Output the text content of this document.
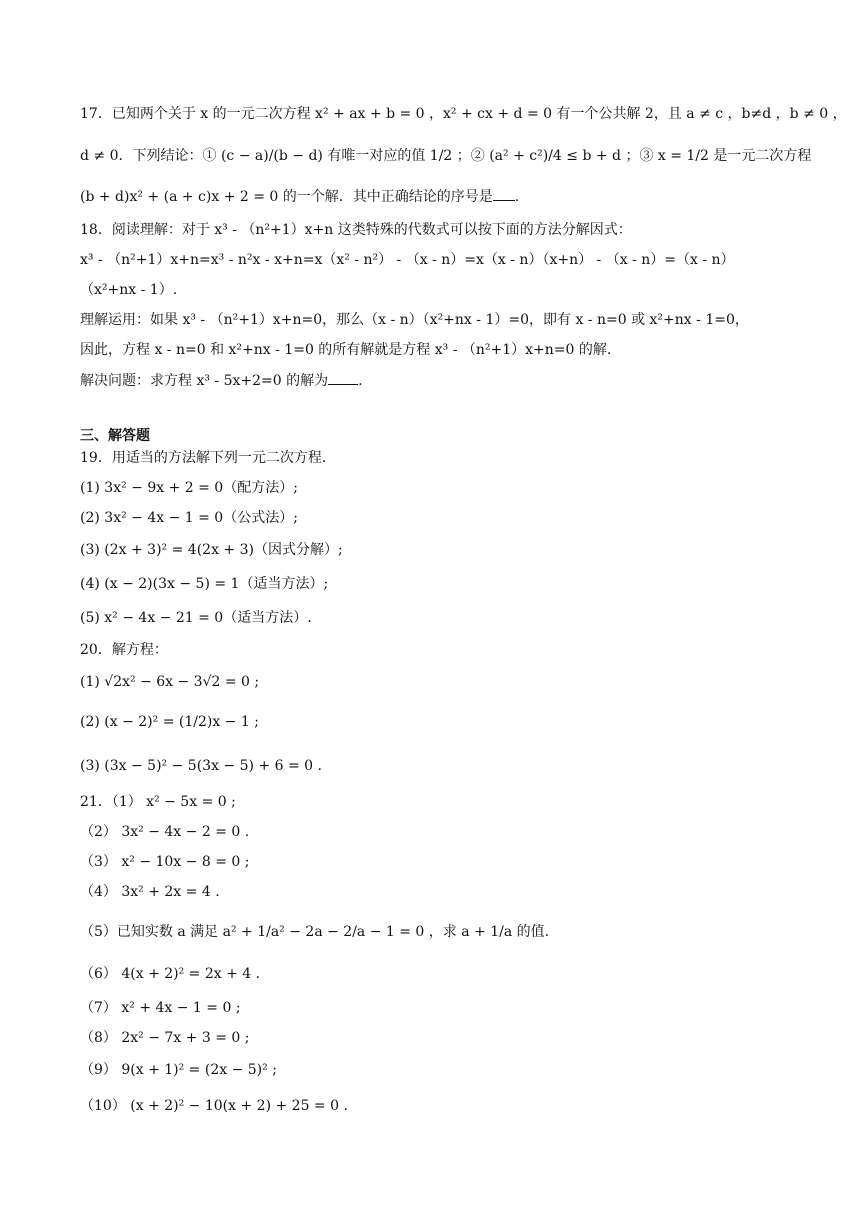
17．已知两个关于 x 的一元二次方程 x² + ax + b = 0 ，x² + cx + d = 0 有一个公共解 2，且 a ≠ c ，b≠d ，b ≠ 0 ，
d ≠ 0．下列结论：① (c − a)/(b − d) 有唯一对应的值 1/2 ；② (a² + c²)/4 ≤ b + d ；③ x = 1/2 是一元二次方程
(b + d)x² + (a + c)x + 2 = 0 的一个解．其中正确结论的序号是 .
18．阅读理解：对于 x³ - （n²+1）x+n 这类特殊的代数式可以按下面的方法分解因式：
x³ - （n²+1）x+n=x³ - n²x - x+n=x（x² - n²） - （x - n）=x（x - n）（x+n） - （x - n）=（x - n）
（x²+nx - 1）.
理解运用：如果 x³ - （n²+1）x+n=0，那么（x - n）（x²+nx - 1）=0，即有 x - n=0 或 x²+nx - 1=0，
因此，方程 x - n=0 和 x²+nx - 1=0 的所有解就是方程 x³ - （n²+1）x+n=0 的解.
解决问题：求方程 x³ - 5x+2=0 的解为 .
三、解答题
19．用适当的方法解下列一元二次方程．
(1) 3x² − 9x + 2 = 0（配方法）;
(2) 3x² − 4x − 1 = 0（公式法）;
(3) (2x + 3)² = 4(2x + 3)（因式分解）;
(4) (x − 2)(3x − 5) = 1（适当方法）;
(5) x² − 4x − 21 = 0（适当方法）.
20．解方程：
(1) √2x² − 6x − 3√2 = 0 ;
(2) (x − 2)² = (1/2)x − 1 ;
(3) (3x − 5)² − 5(3x − 5) + 6 = 0 .
21．（1） x² − 5x = 0 ;
（2） 3x² − 4x − 2 = 0 .
（3） x² − 10x − 8 = 0 ;
（4） 3x² + 2x = 4 .
（5）已知实数 a 满足 a² + 1/a² − 2a − 2/a − 1 = 0 ，求 a + 1/a 的值.
（6） 4(x + 2)² = 2x + 4 .
（7） x² + 4x − 1 = 0 ;
（8） 2x² − 7x + 3 = 0 ;
（9） 9(x + 1)² = (2x − 5)² ;
（10） (x + 2)² − 10(x + 2) + 25 = 0 .
